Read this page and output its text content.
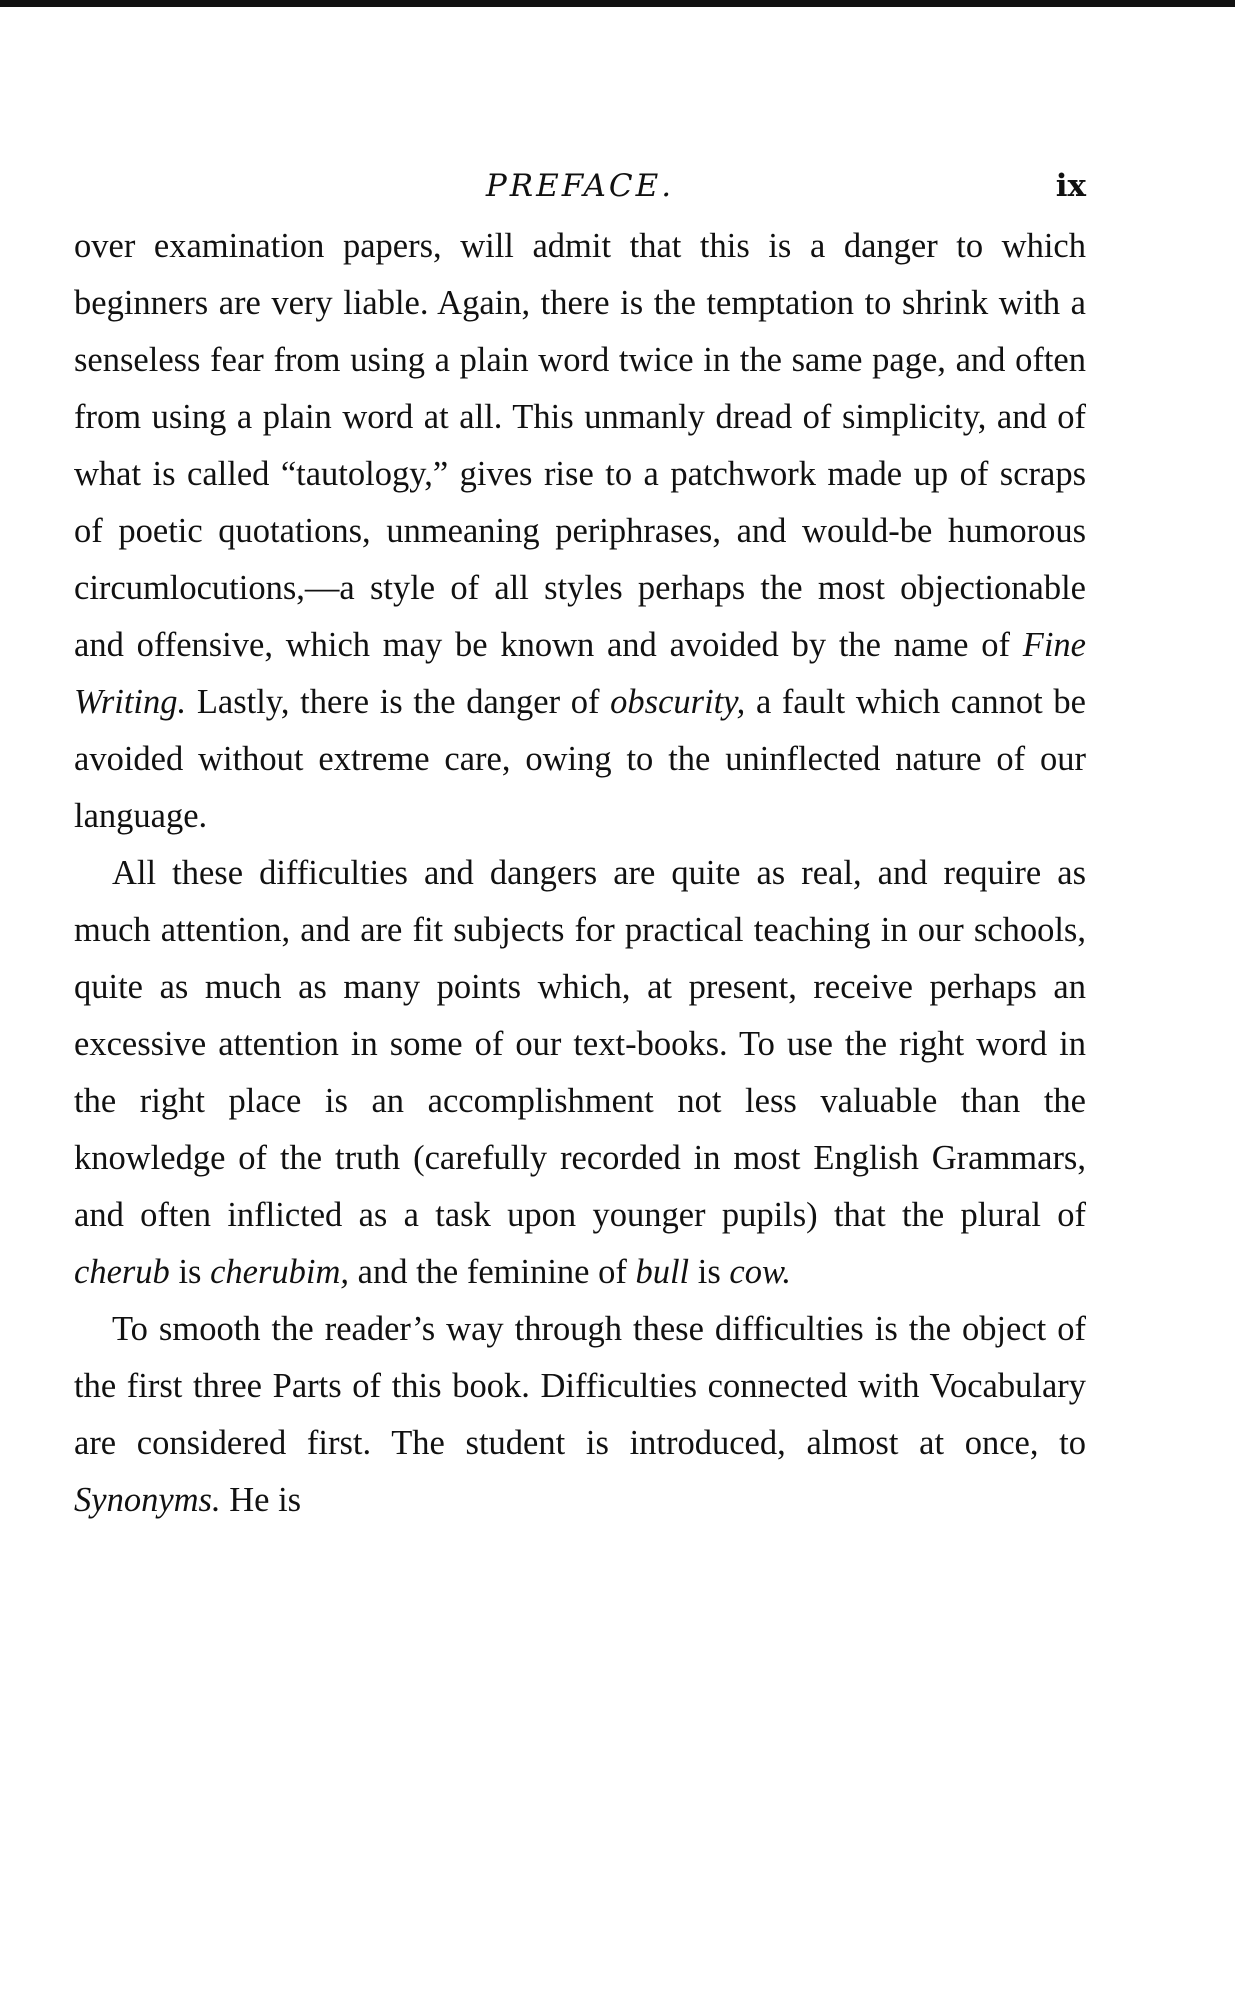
PREFACE.	ix

over examination papers, will admit that this is a danger to which beginners are very liable. Again, there is the temptation to shrink with a senseless fear from using a plain word twice in the same page, and often from using a plain word at all. This unmanly dread of simplicity, and of what is called “tautology,” gives rise to a patchwork made up of scraps of poetic quotations, unmeaning periphrases, and would-be humorous circumlocutions,—a style of all styles perhaps the most objectionable and offensive, which may be known and avoided by the name of Fine Writing. Lastly, there is the danger of obscurity, a fault which cannot be avoided without extreme care, owing to the uninflected nature of our language.

All these difficulties and dangers are quite as real, and require as much attention, and are fit subjects for practical teaching in our schools, quite as much as many points which, at present, receive perhaps an excessive attention in some of our text-books. To use the right word in the right place is an accomplishment not less valuable than the knowledge of the truth (carefully recorded in most English Grammars, and often inflicted as a task upon younger pupils) that the plural of cherub is cherubim, and the feminine of bull is cow.

To smooth the reader’s way through these difficulties is the object of the first three Parts of this book. Difficulties connected with Vocabulary are considered first. The student is introduced, almost at once, to Synonyms. He is
